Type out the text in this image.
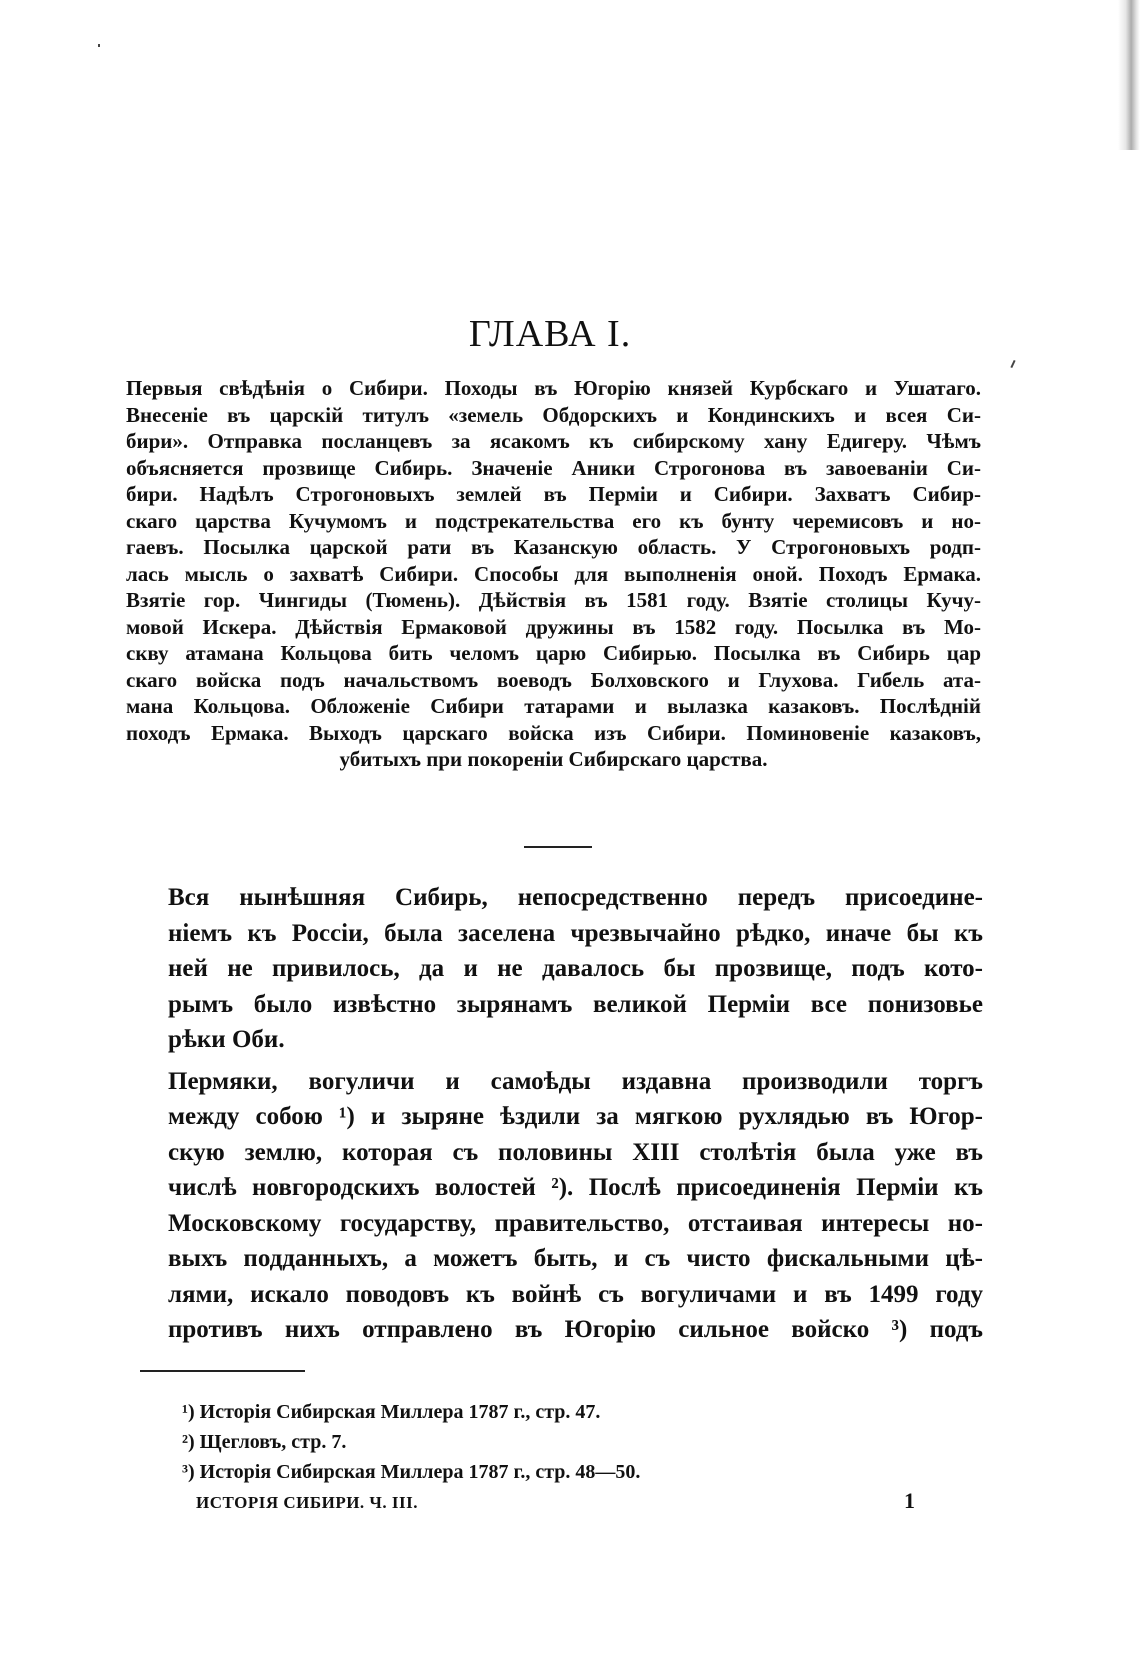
ГЛАВА I.
Первыя свѣдѣнія о Сибири. Походы въ Югорію князей Курбскаго и Ушатаго.
Внесеніе въ царскій титулъ «земель Обдорскихъ и Кондинскихъ и всея Си-
бири». Отправка посланцевъ за ясакомъ къ сибирскому хану Едигеру. Чѣмъ
объясняется прозвище Сибирь. Значеніе Аники Строгонова въ завоеваніи Си-
бири. Надѣлъ Строгоновыхъ землей въ Перміи и Сибири. Захватъ Сибир-
скаго царства Кучумомъ и подстрекательства его къ бунту черемисовъ и но-
гаевъ. Посылка царской рати въ Казанскую область. У Строгоновыхъ родп-
лась мысль о захватѣ Сибири. Способы для выполненія оной. Походъ Ермака.
Взятіе гор. Чингиды (Тюмень). Дѣйствія въ 1581 году. Взятіе столицы Кучу-
мовой Искера. Дѣйствія Ермаковой дружины въ 1582 году. Посылка въ Мо-
скву атамана Кольцова бить челомъ царю Сибирью. Посылка въ Сибирь цар
скаго войска подъ начальствомъ воеводъ Болховского и Глухова. Гибель ата-
мана Кольцова. Обложеніе Сибири татарами и вылазка казаковъ. Послѣдній
походъ Ермака. Выходъ царскаго войска изъ Сибири. Поминовеніе казаковъ,
убитыхъ при покореніи Сибирскаго царства.
Вся нынѣшняя Сибирь, непосредственно передъ присоедине-
ніемъ къ Россіи, была заселена чрезвычайно рѣдко, иначе бы къ
ней не привилось, да и не давалось бы прозвище, подъ кото-
рымъ было извѣстно зырянамъ великой Перміи все понизовье
рѣки Оби.
Пермяки, вогуличи и самоѣды издавна производили торгъ
между собою ¹) и зыряне ѣздили за мягкою рухлядью въ Югор-
скую землю, которая съ половины XIII столѣтія была уже въ
числѣ новгородскихъ волостей ²). Послѣ присоединенія Перміи къ
Московскому государству, правительство, отстаивая интересы но-
выхъ подданныхъ, а можетъ быть, и съ чисто фискальными цѣ-
лями, искало поводовъ къ войнѣ съ вогуличами и въ 1499 году
противъ нихъ отправлено въ Югорію сильное войско ³) подъ
¹) Исторія Сибирская Миллера 1787 г., стр. 47.
²) Щегловъ, стр. 7.
³) Исторія Сибирская Миллера 1787 г., стр. 48—50.
ИСТОРІЯ СИБИРИ. Ч. III.	1
